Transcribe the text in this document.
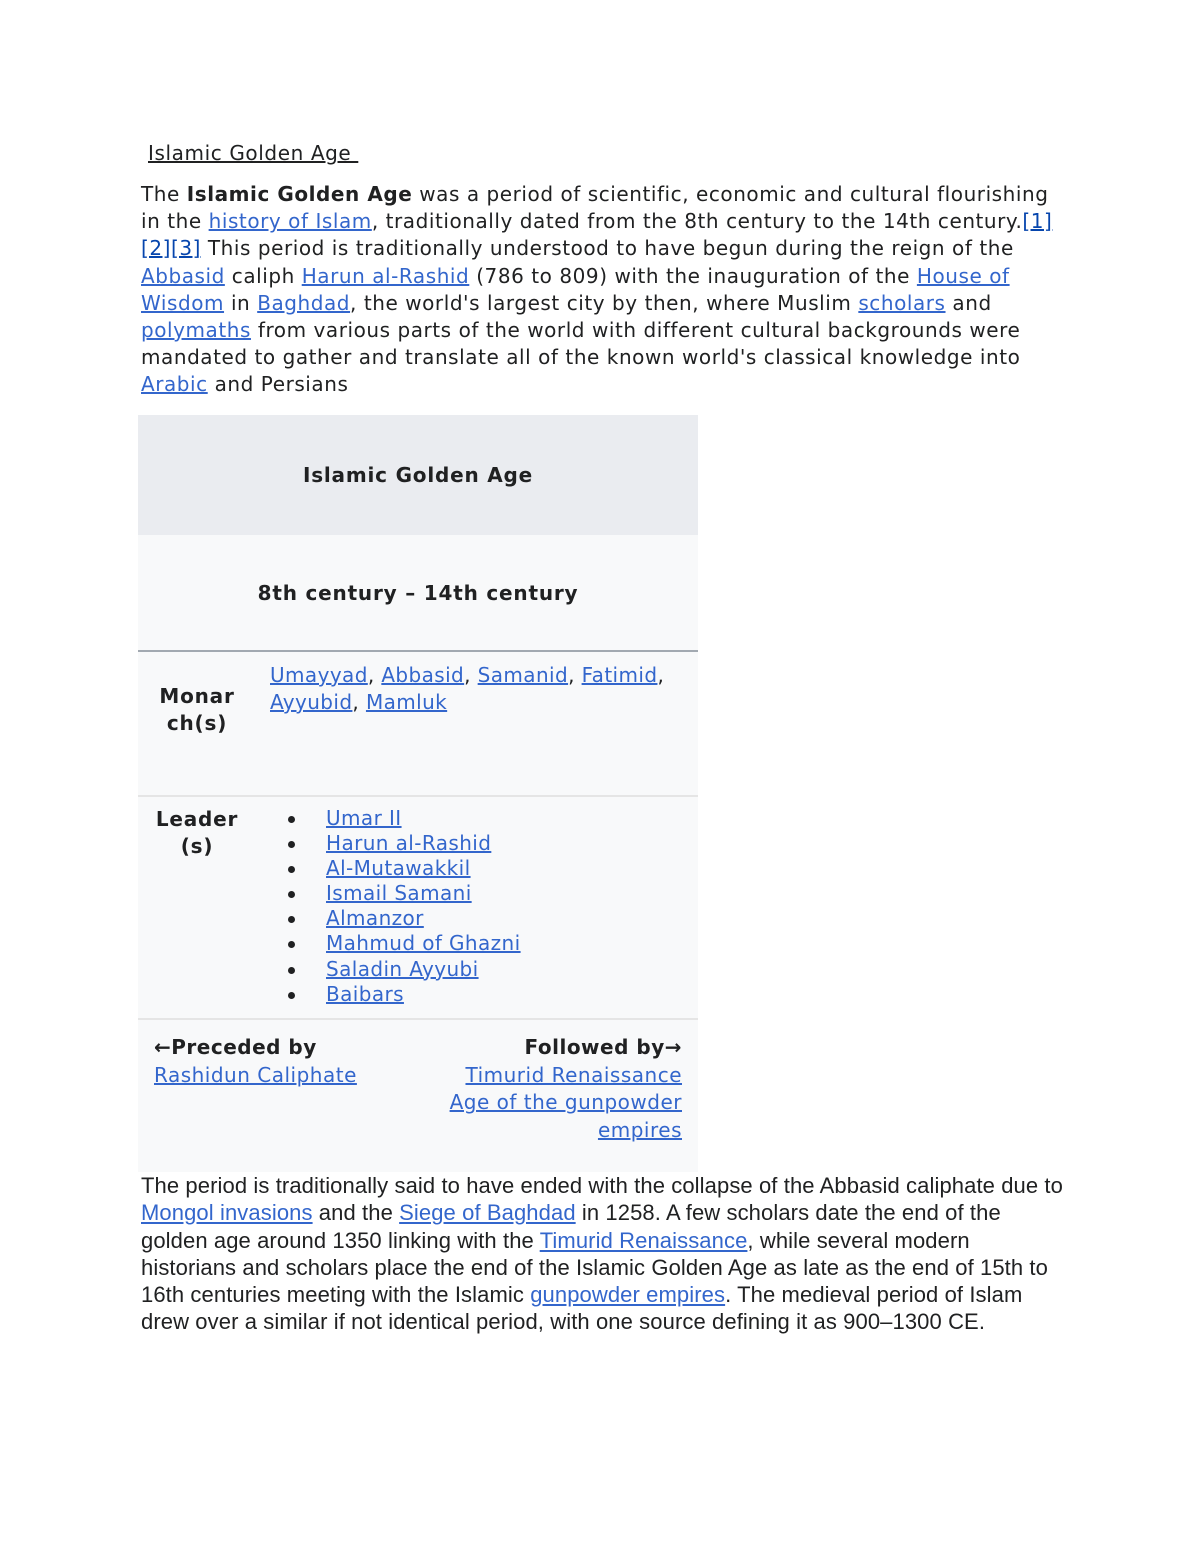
Islamic Golden Age
The Islamic Golden Age was a period of scientific, economic and cultural flourishing in the history of Islam, traditionally dated from the 8th century to the 14th century.[1][2][3] This period is traditionally understood to have begun during the reign of the Abbasid caliph Harun al-Rashid (786 to 809) with the inauguration of the House of Wisdom in Baghdad, the world's largest city by then, where Muslim scholars and polymaths from various parts of the world with different cultural backgrounds were mandated to gather and translate all of the known world's classical knowledge into Arabic and Persians
Islamic Golden Age
8th century – 14th century
Monar ch(s)
Umayyad, Abbasid, Samanid, Fatimid, Ayyubid, Mamluk
Leader (s)
Umar II
Harun al-Rashid
Al-Mutawakkil
Ismail Samani
Almanzor
Mahmud of Ghazni
Saladin Ayyubi
Baibars
←Preceded by
Rashidun Caliphate
Followed by→
Timurid Renaissance
Age of the gunpowder empires
The period is traditionally said to have ended with the collapse of the Abbasid caliphate due to Mongol invasions and the Siege of Baghdad in 1258. A few scholars date the end of the golden age around 1350 linking with the Timurid Renaissance, while several modern historians and scholars place the end of the Islamic Golden Age as late as the end of 15th to 16th centuries meeting with the Islamic gunpowder empires. The medieval period of Islam drew over a similar if not identical period, with one source defining it as 900–1300 CE.
